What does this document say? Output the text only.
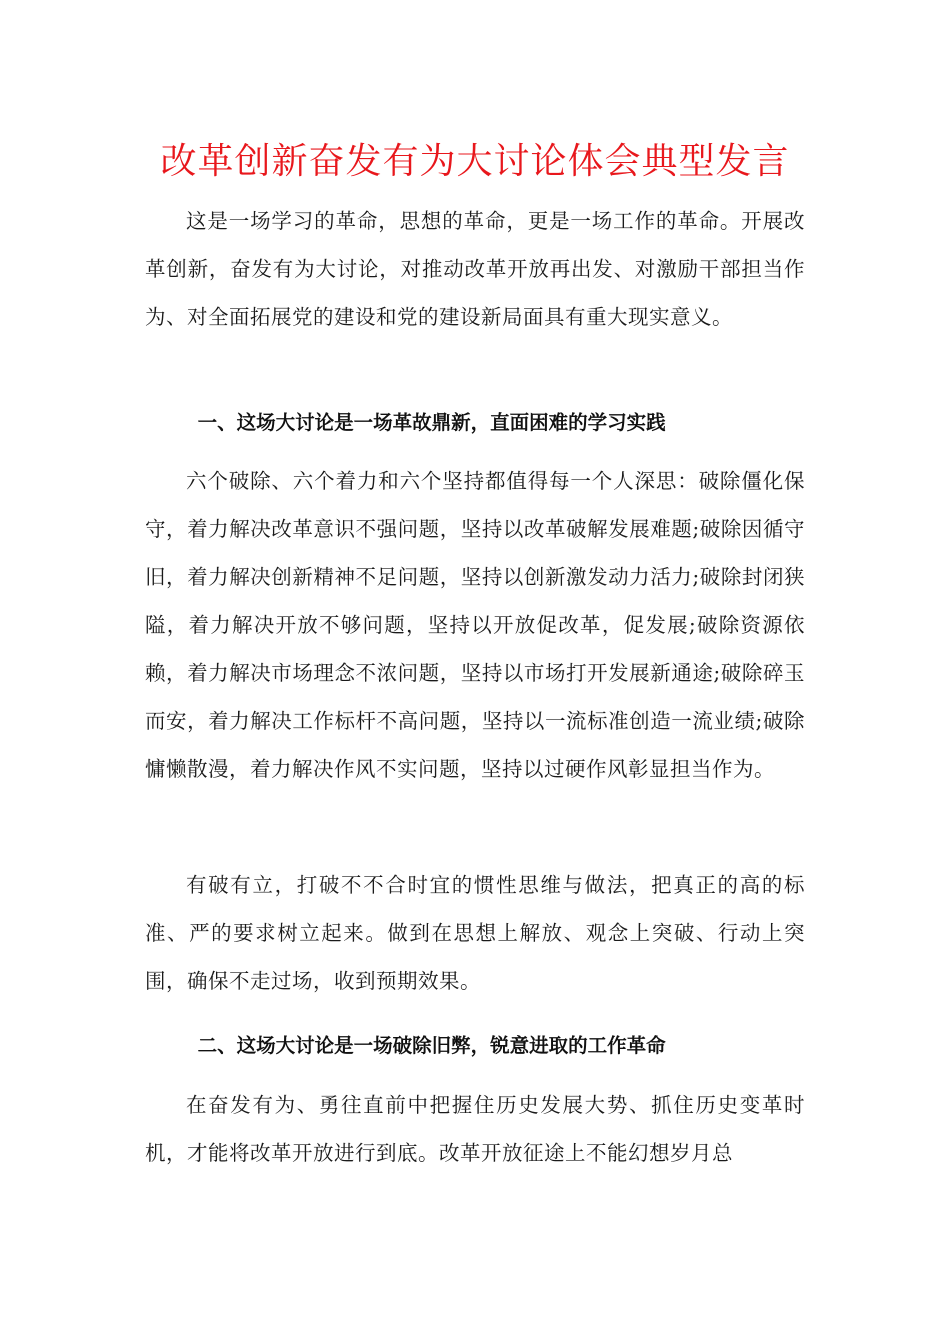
改革创新奋发有为大讨论体会典型发言

这是一场学习的革命，思想的革命，更是一场工作的革命。开展改革创新，奋发有为大讨论，对推动改革开放再出发、对激励干部担当作为、对全面拓展党的建设和党的建设新局面具有重大现实意义。

一、这场大讨论是一场革故鼎新，直面困难的学习实践

六个破除、六个着力和六个坚持都值得每一个人深思：破除僵化保守，着力解决改革意识不强问题，坚持以改革破解发展难题;破除因循守旧，着力解决创新精神不足问题，坚持以创新激发动力活力;破除封闭狭隘，着力解决开放不够问题，坚持以开放促改革，促发展;破除资源依赖，着力解决市场理念不浓问题，坚持以市场打开发展新通途;破除碎玉而安，着力解决工作标杆不高问题，坚持以一流标准创造一流业绩;破除慵懒散漫，着力解决作风不实问题，坚持以过硬作风彰显担当作为。

有破有立，打破不不合时宜的惯性思维与做法，把真正的高的标准、严的要求树立起来。做到在思想上解放、观念上突破、行动上突围，确保不走过场，收到预期效果。

二、这场大讨论是一场破除旧弊，锐意进取的工作革命

在奋发有为、勇往直前中把握住历史发展大势、抓住历史变革时机，才能将改革开放进行到底。改革开放征途上不能幻想岁月总
